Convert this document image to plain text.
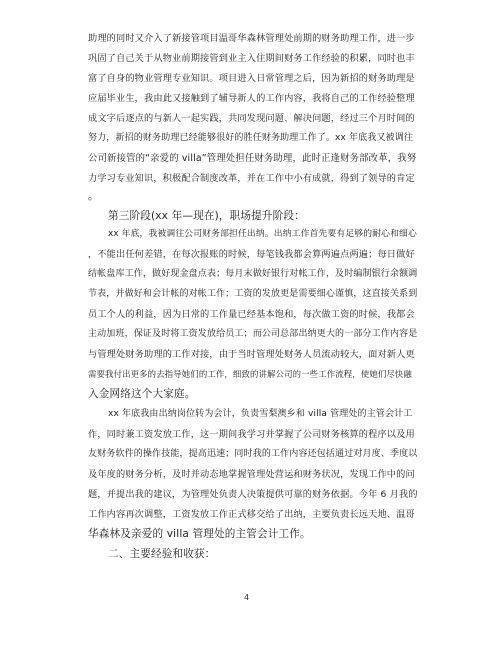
助理的同时又介入了新接管项目温哥华森林管理处前期的财务助理工作，进一步
巩固了自己关于从物业前期接管到业主入住期间财务工作经验的积累，同时也丰
富了自身的物业管理专业知识。项目进入日常管理之后，因为新招的财务助理是
应届毕业生，我由此又接触到了辅导新人的工作内容，我将自己的工作经验整理
成文字后逐点的与新人一起实践，共同发现问题、解决问题，经过三个月时间的
努力，新招的财务助理已经能够很好的胜任财务助理工作了。xx 年底我又被调往
公司新接管的“亲爱的 villa”管理处担任财务助理，此时正逢财务部改革，我努
力学习专业知识，积极配合制度改革，并在工作中小有成就，得到了领导的肯定
。
第三阶段(xx 年—现在)，职场提升阶段：
xx 年底，我被调往公司财务部担任出纳。出纳工作首先要有足够的耐心和细心
，不能出任何差错，在每次报账的时候，每笔钱我都会算两遍点两遍；每日做好
结帐盘库工作，做好现金盘点表；每月末做好银行对帐工作，及时编制银行余额调
节表，并做好和会计帐的对帐工作；工资的发放更是需要细心谨慎，这直接关系到
员工个人的利益，因为日常的工作量已经基本饱和，每次做工资的时候，我都会
主动加班，保证及时将工资发放给员工；而公司总部出纳更大的一部分工作内容是
与管理处财务助理的工作对接，由于当时管理处财务人员流动较大，面对新人更
需要我付出更多的去指导她们的工作，细致的讲解公司的一些工作流程，使她们尽快融
入金网络这个大家庭。
xx 年底我由出纳岗位转为会计，负责雪梨澳乡和 villa 管理处的主管会计工
作，同时兼工资发放工作，这一期间我学习并掌握了公司财务核算的程序以及用
友财务软件的操作技能，提高迅速；同时我的工作内容还包括通过对月度、季度以
及年度的财务分析，及时并动态地掌握管理处营运和财务状况，发现工作中的问
题，并提出我的建议，为管理处负责人决策提供可靠的财务依据。今年 6 月我的
工作内容再次调整，工资发放工作正式移交给了出纳，主要负责长远天地、温哥
华森林及亲爱的 villa 管理处的主管会计工作。
二、主要经验和收获：
4
